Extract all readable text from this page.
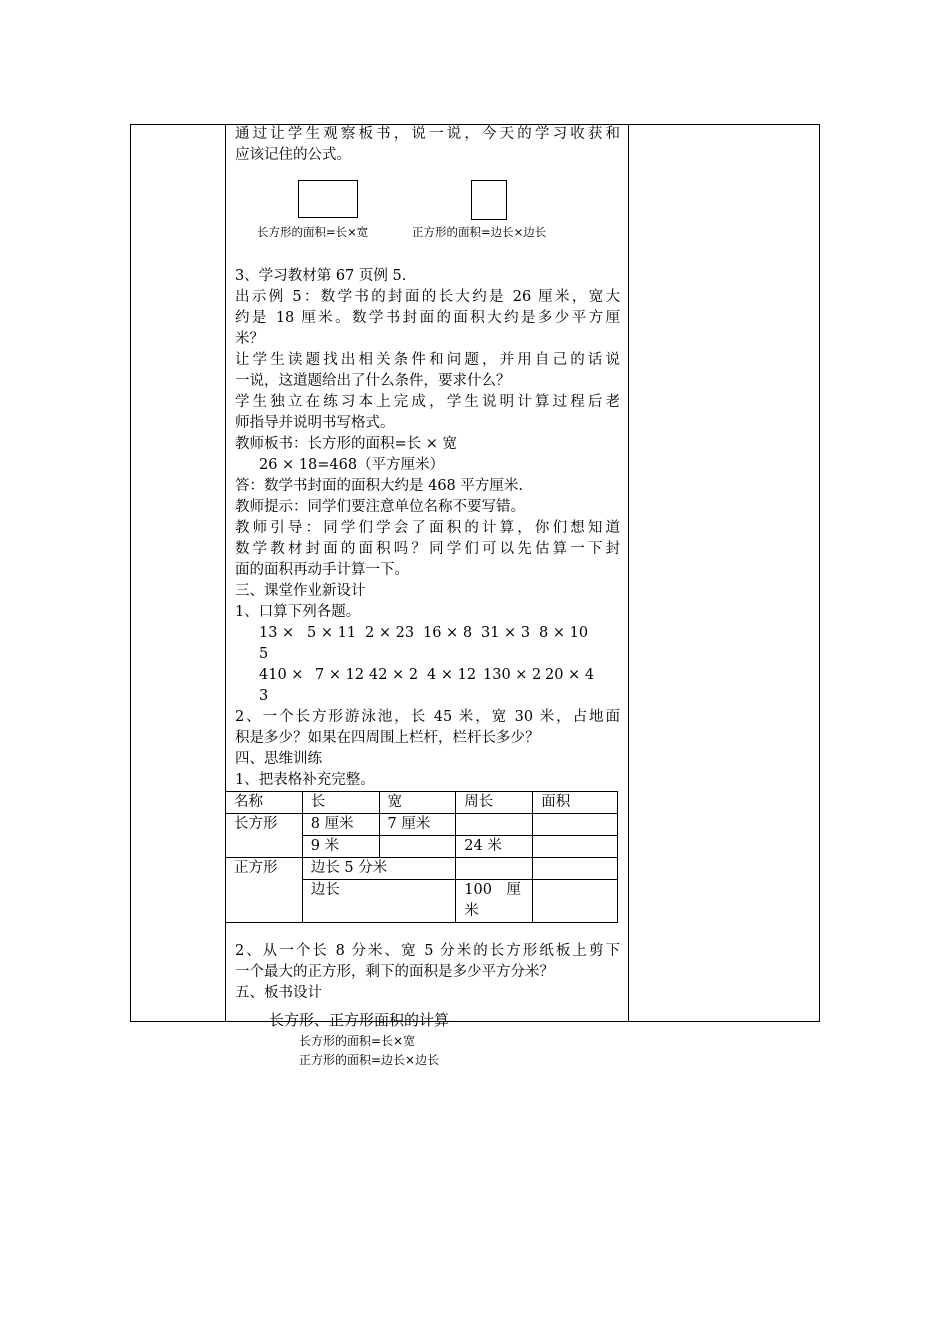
通过让学生观察板书，说一说，今天的学习收获和

应该记住的公式。

长方形的面积=长×宽	正方形的面积=边长×边长

3、学习教材第 67 页例 5.

出示例 5：数学书的封面的长大约是 26 厘米，宽大

约是 18 厘米。数学书封面的面积大约是多少平方厘

米？

让学生读题找出相关条件和问题，并用自己的话说

一说，这道题给出了什么条件，要求什么？

学生独立在练习本上完成，学生说明计算过程后老

师指导并说明书写格式。

教师板书：长方形的面积=长 × 宽

26 × 18=468（平方厘米）

答：数学书封面的面积大约是 468 平方厘米.

教师提示：同学们要注意单位名称不要写错。

教师引导：同学们学会了面积的计算，你们想知道

数学教材封面的面积吗？同学们可以先估算一下封

面的面积再动手计算一下。

三、课堂作业新设计

1、口算下列各题。

13 × 5
5 × 11 2 × 23 16 × 8 31 × 3 8 × 10
410 × 3
7 × 12 42 × 2 4 × 12 130 × 2 20 × 4

2、一个长方形游泳池，长 45 米，宽 30 米，占地面

积是多少？如果在四周围上栏杆，栏杆长多少？

四、思维训练

1、把表格补充完整。

名称	长	宽	周长	面积
长方形	8 厘米	7 厘米		
	9 米		24 米	
正方形	边长 5 分米			
	边长		100　厘
米	

2、从一个长 8 分米、宽 5 分米的长方形纸板上剪下

一个最大的正方形，剩下的面积是多少平方分米？

五、板书设计

长方形、正方形面积的计算
长方形的面积=长×宽
正方形的面积=边长×边长
